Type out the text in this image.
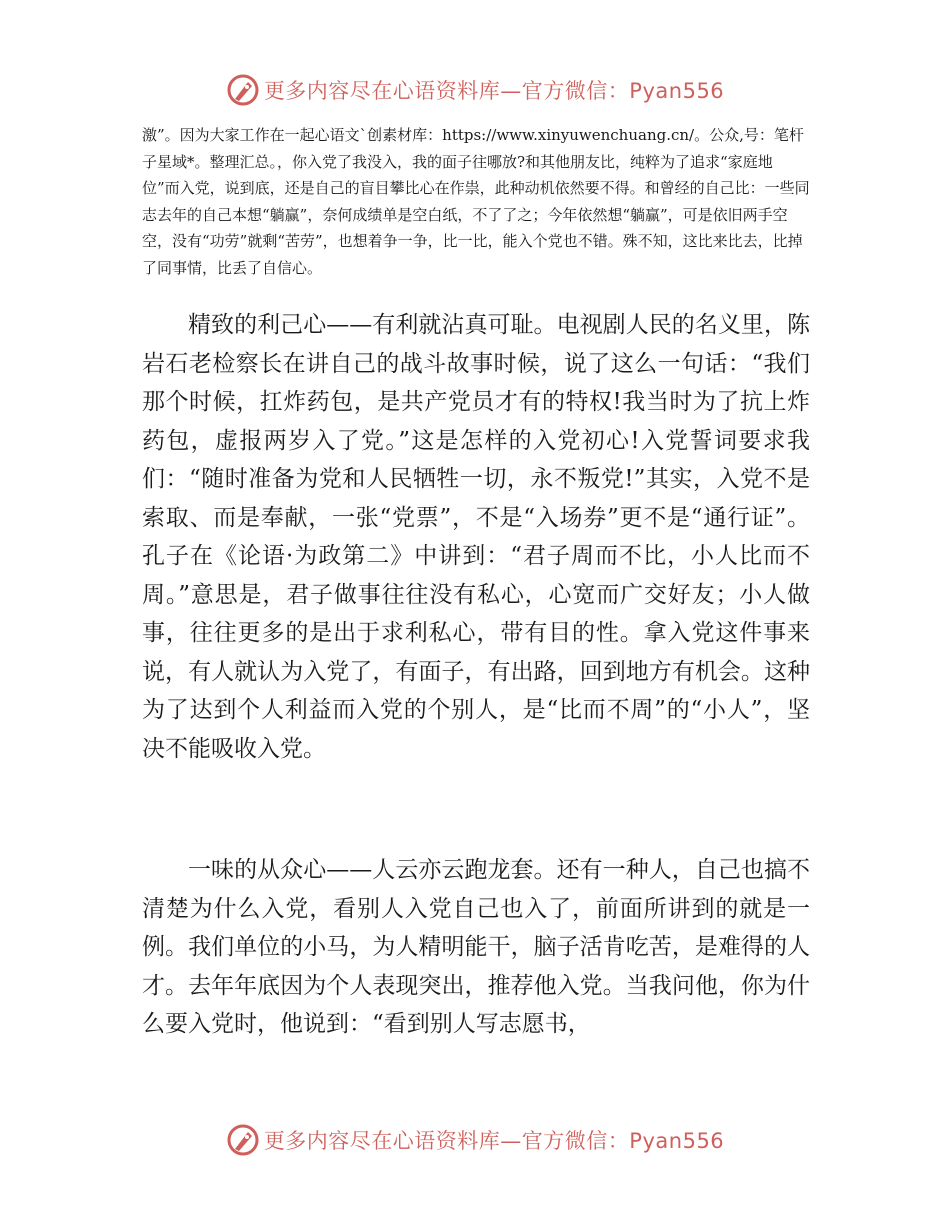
更多内容尽在心语资料库—官方微信：Pyan556

激”。因为大家工作在一起心语文`创素材库：https://www.xinyuwenchuang.cn/。公众,号：笔杆子星域*。整理汇总。，你入党了我没入，我的面子往哪放?和其他朋友比，纯粹为了追求“家庭地位”而入党，说到底，还是自己的盲目攀比心在作祟，此种动机依然要不得。和曾经的自己比：一些同志去年的自己本想“躺赢”，奈何成绩单是空白纸，不了了之；今年依然想“躺赢”，可是依旧两手空空，没有“功劳”就剩“苦劳”，也想着争一争，比一比，能入个党也不错。殊不知，这比来比去，比掉了同事情，比丢了自信心。

精致的利己心——有利就沾真可耻。电视剧人民的名义里，陈岩石老检察长在讲自己的战斗故事时候，说了这么一句话：“我们那个时候，扛炸药包，是共产党员才有的特权!我当时为了抗上炸药包，虚报两岁入了党。”这是怎样的入党初心!入党誓词要求我们：“随时准备为党和人民牺牲一切，永不叛党!”其实，入党不是索取、而是奉献，一张“党票”，不是“入场券”更不是“通行证”。孔子在《论语·为政第二》中讲到：“君子周而不比，小人比而不周。”意思是，君子做事往往没有私心，心宽而广交好友；小人做事，往往更多的是出于求利私心，带有目的性。拿入党这件事来说，有人就认为入党了，有面子，有出路，回到地方有机会。这种为了达到个人利益而入党的个别人，是“比而不周”的“小人”，坚决不能吸收入党。

一味的从众心——人云亦云跑龙套。还有一种人，自己也搞不清楚为什么入党，看别人入党自己也入了，前面所讲到的就是一例。我们单位的小马，为人精明能干，脑子活肯吃苦，是难得的人才。去年年底因为个人表现突出，推荐他入党。当我问他，你为什么要入党时，他说到：“看到别人写志愿书，

更多内容尽在心语资料库—官方微信：Pyan556
